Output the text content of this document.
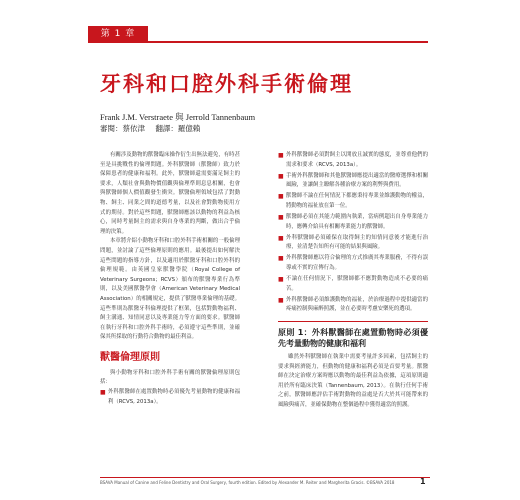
第 1 章
牙科和口腔外科手術倫理
Frank J.M. Verstraete 與 Jerrold Tannenbaum
審閱：蔡依津 翻譯：羅億賴

有關涉及動物的獸醫臨床操作衍生出無法避免，有時甚至是具挑戰性的倫理問題。外科獸醫師（獸醫師）致力於保障患者的健康和福利。此外，獸醫師還需要滿足飼主的要求，人類社會與動物價值觀與倫理準則息息相關，也會與獸醫師個人價值觀發生衝突。獸醫倫理領域包括了對動物、飼主、同業之間的道德考量，以及社會對動物使用方式的期待。對於這些問題，獸醫師應該以動物的利益為核心，同時考量飼主的需求與自身專業的判斷，做出合乎倫理的決策。

本章將介紹小動物牙科和口腔外科手術相關的一般倫理問題，並討論了這些倫理原則的應用。最後提出如何解決這些問題的指導方針，以及適用於獸醫牙科和口腔外科的倫理規範。由英國皇家獸醫學院（Royal College of Veterinary Surgeons；RCVS）頒布的獸醫專業行為準則，以及美國獸醫學會（American Veterinary Medical Association）的相關規定，提供了獸醫專業倫理的基礎。這些準則為獸醫牙科倫理提供了框架，包括對動物福利、飼主溝通、知情同意以及專業能力等方面的要求。獸醫師在執行牙科和口腔外科手術時，必須遵守這些準則，並確保其所採取的行動符合動物的最佳利益。

獸醫倫理原則

與小動物牙科和口腔外科手術有關的獸醫倫理原則包括：

■ 外科獸醫師在處置動物時必須優先考量動物的健康和福利（RCVS, 2013a）。
■ 外科獸醫師必須對飼主以開放且誠實的態度，並尊重他們的需求和要求（RCVS, 2013a）。
■ 手術外科獸醫師和其他獸醫師應提出適當的醫療選擇和相關風險，並讓飼主瞭解各種治療方案的利弊與費用。
■ 獸醫師不論在任何情況下都應秉持專業並維護動物的權益，將動物的福祉放在第一位。
■ 獸醫師必須在其能力範圍內執業，當病例超出自身專業能力時，應轉介給具有相關專業能力的獸醫師。
■ 外科獸醫師必須確保在取得飼主的知情同意後才能進行治療，並清楚告知所有可能的結果與風險。
■ 外科獸醫師應以符合倫理的方式推廣其專業服務，不得有誤導或不實的宣傳行為。
■ 不論在任何情況下，獸醫師都不應對動物造成不必要的痛苦。
■ 外科獸醫師必須維護動物的福祉，於治療過程中提供適當的疼痛控制與麻醉照護，並在必要時考慮安樂死的選項。
原則 1：外科獸醫師在處置動物時必須優先考量動物的健康和福利

雖然外科獸醫師在執業中需要考量許多因素，包括飼主的要求與經濟能力，但動物的健康和福利必須是首要考量。獸醫師在決定治療方案時應以動物的最佳利益為依據，這項原則適用於所有臨床決策（Tannenbaum, 2013）。在執行任何手術之前，獸醫師應評估手術對動物的益處是否大於其可能帶來的風險與痛苦，並確保動物在整個過程中獲得適當的照護。

BSAVA Manual of Canine and Feline Dentistry and Oral Surgery, fourth edition. Edited by Alexander M. Reiter and Margherita Gracis. ©BSAVA 2018	1
